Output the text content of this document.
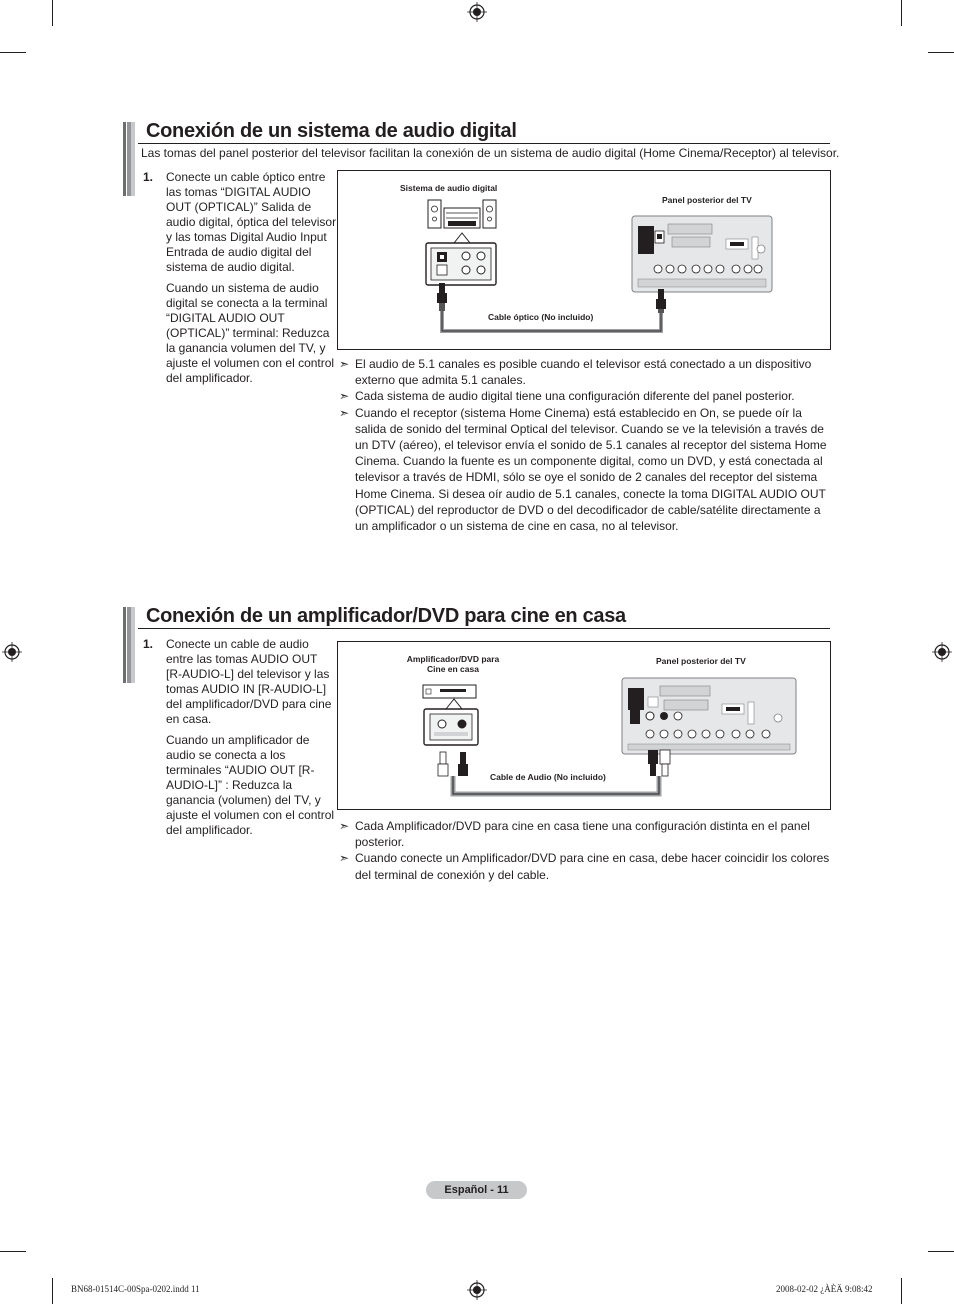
Conexión de un sistema de audio digital
Las tomas del panel posterior del televisor facilitan la conexión de un sistema de audio digital (Home Cinema/Receptor) al televisor.
1. Conecte un cable óptico entre las tomas “DIGITAL AUDIO OUT (OPTICAL)” Salida de audio digital, óptica del televisor y las tomas Digital Audio Input Entrada de audio digital del sistema de audio digital.

Cuando un sistema de audio digital se conecta a la terminal “DIGITAL AUDIO OUT (OPTICAL)” terminal: Reduzca la ganancia volumen del TV, y ajuste el volumen con el control del amplificador.

Sistema de audio digital
Panel posterior del TV
Cable óptico (No incluido)

➣ El audio de 5.1 canales es posible cuando el televisor está conectado a un dispositivo externo que admita 5.1 canales.

➣ Cada sistema de audio digital tiene una configuración diferente del panel posterior.

➣ Cuando el receptor (sistema Home Cinema) está establecido en On, se puede oír la salida de sonido del terminal Optical del televisor. Cuando se ve la televisión a través de un DTV (aéreo), el televisor envía el sonido de 5.1 canales al receptor del sistema Home Cinema. Cuando la fuente es un componente digital, como un DVD, y está conectada al televisor a través de HDMI, sólo se oye el sonido de 2 canales del receptor del sistema Home Cinema. Si desea oír audio de 5.1 canales, conecte la toma DIGITAL AUDIO OUT (OPTICAL) del reproductor de DVD o del decodificador de cable/satélite directamente a un amplificador o un sistema de cine en casa, no al televisor.

Conexión de un amplificador/DVD para cine en casa
1. Conecte un cable de audio entre las tomas AUDIO OUT [R-AUDIO-L] del televisor y las tomas AUDIO IN [R-AUDIO-L] del amplificador/DVD para cine en casa.

Cuando un amplificador de audio se conecta a los terminales “AUDIO OUT [R-AUDIO-L]” : Reduzca la ganancia (volumen) del TV, y ajuste el volumen con el control del amplificador.

Amplificador/DVD para
Cine en casa
Panel posterior del TV
Cable de Audio (No incluido)

➣ Cada Amplificador/DVD para cine en casa tiene una configuración distinta en el panel posterior.

➣ Cuando conecte un Amplificador/DVD para cine en casa, debe hacer coincidir los colores del terminal de conexión y del cable.

Español - 11
BN68-01514C-00Spa-0202.indd 11	2008-02-02 ¿ÀÈÄ 9:08:42
